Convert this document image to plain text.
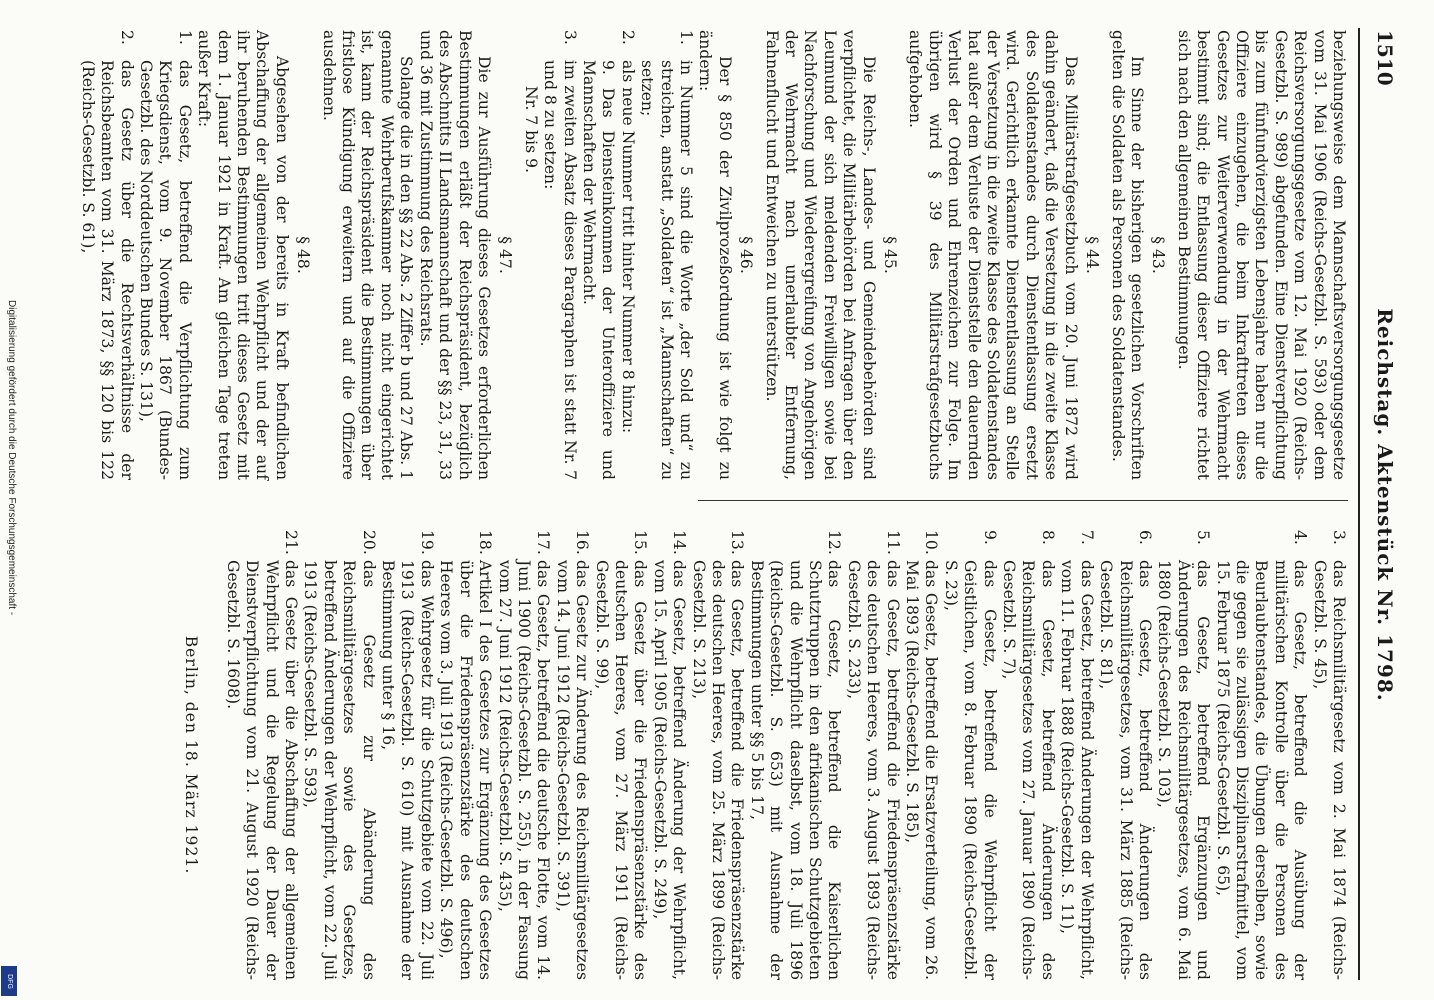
1510
Reichstag. Aktenstück Nr. 1798.

beziehungsweise dem Mannschaftsversorgungsgesetze vom 31. Mai 1906 (Reichs-Gesetzbl. S. 593) oder dem Reichsversorgungsgesetze vom 12. Mai 1920 (Reichs-Gesetzbl. S. 989) abgefunden. Eine Dienstverpflichtung bis zum fünfundvierzigsten Lebensjahre haben nur die Offiziere einzugehen, die beim Inkrafttreten dieses Gesetzes zur Weiterverwendung in der Wehrmacht bestimmt sind; die Entlassung dieser Offiziere richtet sich nach den allgemeinen Bestimmungen.

§ 43.

Im Sinne der bisherigen gesetzlichen Vorschriften gelten die Soldaten als Personen des Soldatenstandes.

§ 44.

Das Militärstrafgesetzbuch vom 20. Juni 1872 wird dahin geändert, daß die Versetzung in die zweite Klasse des Soldatenstandes durch Dienstentlassung ersetzt wird. Gerichtlich erkannte Dienstentlassung an Stelle der Versetzung in die zweite Klasse des Soldatenstandes hat außer dem Verluste der Dienststelle den dauernden Verlust der Orden und Ehrenzeichen zur Folge. Im übrigen wird § 39 des Militärstrafgesetzbuchs aufgehoben.

§ 45.

Die Reichs-, Landes- und Gemeindebehörden sind verpflichtet, die Militärbehörden bei Anfragen über den Leumund der sich meldenden Freiwilligen sowie bei Nachforschung und Wiederergreifung von Angehörigen der Wehrmacht nach unerlaubter Entfernung, Fahnenflucht und Entweichen zu unterstützen.

§ 46.

Der § 850 der Zivilprozeßordnung ist wie folgt zu ändern:

1.

in Nummer 5 sind die Worte „der Sold und“ zu streichen, anstatt „Soldaten“ ist „Mannschaften“ zu setzen;

2.

als neue Nummer tritt hinter Nummer 8 hinzu:

9. Das Diensteinkommen der Unteroffiziere und Mannschaften der Wehrmacht.

3.

im zweiten Absatz dieses Paragraphen ist statt Nr. 7 und 8 zu setzen:

Nr. 7 bis 9.

§ 47.

Die zur Ausführung dieses Gesetzes erforderlichen Bestimmungen erläßt der Reichspräsident, bezüglich des Abschnitts II Landsmannschaft und der §§ 23, 31, 33 und 36 mit Zustimmung des Reichsrats.

Solange die in den §§ 22 Abs. 2 Ziffer b und 27 Abs. 1 genannte Wehrberufskammer noch nicht eingerichtet ist, kann der Reichspräsident die Bestimmungen über fristlose Kündigung erweitern und auf die Offiziere ausdehnen.

§ 48.

Abgesehen von der bereits in Kraft befindlichen Abschaffung der allgemeinen Wehrpflicht und der auf ihr beruhenden Bestimmungen tritt dieses Gesetz mit dem 1. Januar 1921 in Kraft. Am gleichen Tage treten außer Kraft:

1.

das Gesetz, betreffend die Verpflichtung zum Kriegsdienst, vom 9. November 1867 (Bundes-Gesetzbl. des Norddeutschen Bundes S. 131),

2.

das Gesetz über die Rechtsverhältnisse der Reichsbeamten vom 31. März 1873, §§ 120 bis 122 (Reichs-Gesetzbl. S. 61),

3.

das Reichsmilitärgesetz vom 2. Mai 1874 (Reichs-Gesetzbl. S. 45),

4.

das Gesetz, betreffend die Ausübung der militärischen Kontrolle über die Personen des Beurlaubtenstandes, die Übungen derselben, sowie die gegen sie zulässigen Disziplinarstrafmittel, vom 15. Februar 1875 (Reichs-Gesetzbl. S. 65),

5.

das Gesetz, betreffend Ergänzungen und Änderungen des Reichsmilitärgesetzes, vom 6. Mai 1880 (Reichs-Gesetzbl. S. 103),

6.

das Gesetz, betreffend Änderungen des Reichsmilitärgesetzes, vom 31. März 1885 (Reichs-Gesetzbl. S. 81),

7.

das Gesetz, betreffend Änderungen der Wehrpflicht, vom 11. Februar 1888 (Reichs-Gesetzbl. S. 11),

8.

das Gesetz, betreffend Änderungen des Reichsmilitärgesetzes vom 27. Januar 1890 (Reichs-Gesetzbl. S. 7),

9.

das Gesetz, betreffend die Wehrpflicht der Geistlichen, vom 8. Februar 1890 (Reichs-Gesetzbl. S. 23),

10.

das Gesetz, betreffend die Ersatzverteilung, vom 26. Mai 1893 (Reichs-Gesetzbl. S. 185),

11.

das Gesetz, betreffend die Friedenspräsenzstärke des deutschen Heeres, vom 3. August 1893 (Reichs-Gesetzbl. S. 233),

12.

das Gesetz, betreffend die Kaiserlichen Schutztruppen in den afrikanischen Schutzgebieten und die Wehrpflicht daselbst, vom 18. Juli 1896 (Reichs-Gesetzbl. S. 653) mit Ausnahme der Bestimmungen unter §§ 5 bis 17,

13.

das Gesetz, betreffend die Friedenspräsenzstärke des deutschen Heeres, vom 25. März 1899 (Reichs-Gesetzbl. S. 213),

14.

das Gesetz, betreffend Änderung der Wehrpflicht, vom 15. April 1905 (Reichs-Gesetzbl. S. 249),

15.

das Gesetz über die Friedenspräsenzstärke des deutschen Heeres, vom 27. März 1911 (Reichs-Gesetzbl. S. 99),

16.

das Gesetz zur Änderung des Reichsmilitärgesetzes vom 14. Juni 1912 (Reichs-Gesetzbl. S. 391),

17.

das Gesetz, betreffend die deutsche Flotte, vom 14. Juni 1900 (Reichs-Gesetzbl. S. 255), in der Fassung vom 27. Juni 1912 (Reichs-Gesetzbl. S. 435),

18.

Artikel I des Gesetzes zur Ergänzung des Gesetzes über die Friedenspräsenzstärke des deutschen Heeres vom 3. Juli 1913 (Reichs-Gesetzbl. S. 496),

19.

das Wehrgesetz für die Schutzgebiete vom 22. Juli 1913 (Reichs-Gesetzbl. S. 610) mit Ausnahme der Bestimmung unter § 16,

20.

das Gesetz zur Abänderung des Reichsmilitärgesetzes sowie des Gesetzes, betreffend Änderungen der Wehrpflicht, vom 22. Juli 1913 (Reichs-Gesetzbl. S. 593),

21.

das Gesetz über die Abschaffung der allgemeinen Wehrpflicht und die Regelung der Dauer der Dienstverpflichtung vom 21. August 1920 (Reichs-Gesetzbl. S. 1608).

Berlin, den 18. März 1921.

Digitalisierung gefördert durch die Deutsche Forschungsgemeinschaft -
DFG
